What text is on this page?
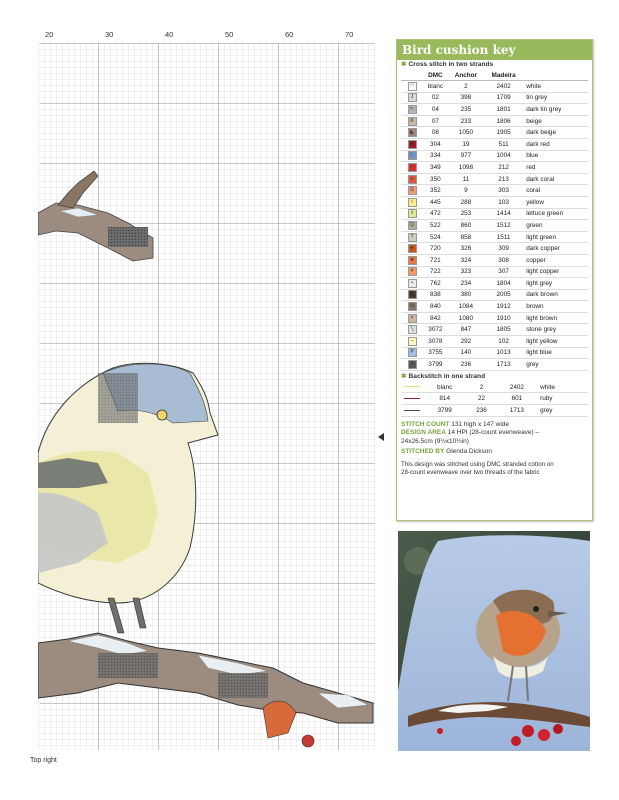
20	30	40	50	60	70
Top right
Bird cushion key
✖ Cross stitch in two strands
	DMC	Anchor	Madeira	
◠	blanc	2	2402	white
J	02	398	1709	tin grey
↖	04	235	1801	dark tin grey
K	07	233	1806	beige
◣	08	1050	1905	dark beige
■	304	19	511	dark red
☾	334	977	1004	blue
•	349	1098	212	red
+	350	11	213	dark coral
G	352	9	303	coral
♀	445	288	103	yellow
◊	472	253	1414	lettuce green
Q	522	860	1512	green
?	524	858	1511	light green
♠	720	326	309	dark copper
★	721	324	308	copper
✶	722	323	307	light copper
•	762	234	1804	light grey
▓	838	380	2005	dark brown
N	840	1084	1912	brown
×	842	1080	1910	light brown
╲	3072	847	1805	stone grey
−	3078	292	102	light yellow
P	3755	140	1013	light blue
3	3799	236	1713	grey
✖ Backstitch in one strand
	blanc	2	2402	white
	814	22	601	ruby
	3799	236	1713	grey
STITCH COUNT 131 high x 147 wide
DESIGN AREA 14 HPI (28-count evenweave) –
24x26.5cm (9½x10½in)
STITCHED BY Glenda Dickson
This design was stitched using DMC stranded cotton on
28-count evenweave over two threads of the fabric
